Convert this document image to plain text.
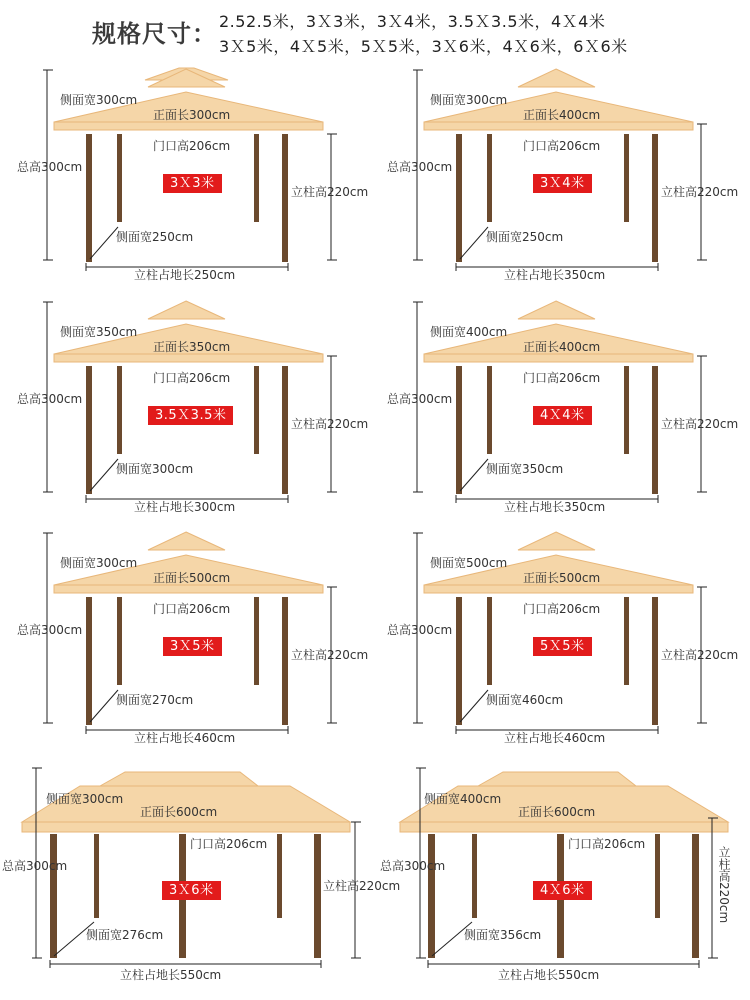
规格尺寸： 2.52.5米，3Ｘ3米，3Ｘ4米，3.5Ｘ3.5米，4Ｘ4米
3Ｘ5米，4Ｘ5米，5Ｘ5米，3Ｘ6米，4Ｘ6米，6Ｘ6米
侧面宽300cm
正面长300cm
门口高206cm
3Ｘ3米
总高300cm
立柱高220cm
侧面宽250cm
立柱占地长250cm
侧面宽300cm
正面长400cm
门口高206cm
3Ｘ4米
总高300cm
立柱高220cm
侧面宽250cm
立柱占地长350cm
侧面宽350cm
正面长350cm
门口高206cm
3.5Ｘ3.5米
总高300cm
立柱高220cm
侧面宽300cm
立柱占地长300cm
侧面宽400cm
正面长400cm
门口高206cm
4Ｘ4米
总高300cm
立柱高220cm
侧面宽350cm
立柱占地长350cm
侧面宽300cm
正面长500cm
门口高206cm
3Ｘ5米
总高300cm
立柱高220cm
侧面宽270cm
立柱占地长460cm
侧面宽500cm
正面长500cm
门口高206cm
5Ｘ5米
总高300cm
立柱高220cm
侧面宽460cm
立柱占地长460cm
侧面宽300cm
正面长600cm
门口高206cm
3Ｘ6米
总高300cm
立柱高220cm
侧面宽276cm
立柱占地长550cm
侧面宽400cm
正面长600cm
门口高206cm
4Ｘ6米
总高300cm	立柱高220cm
侧面宽356cm
立柱占地长550cm
